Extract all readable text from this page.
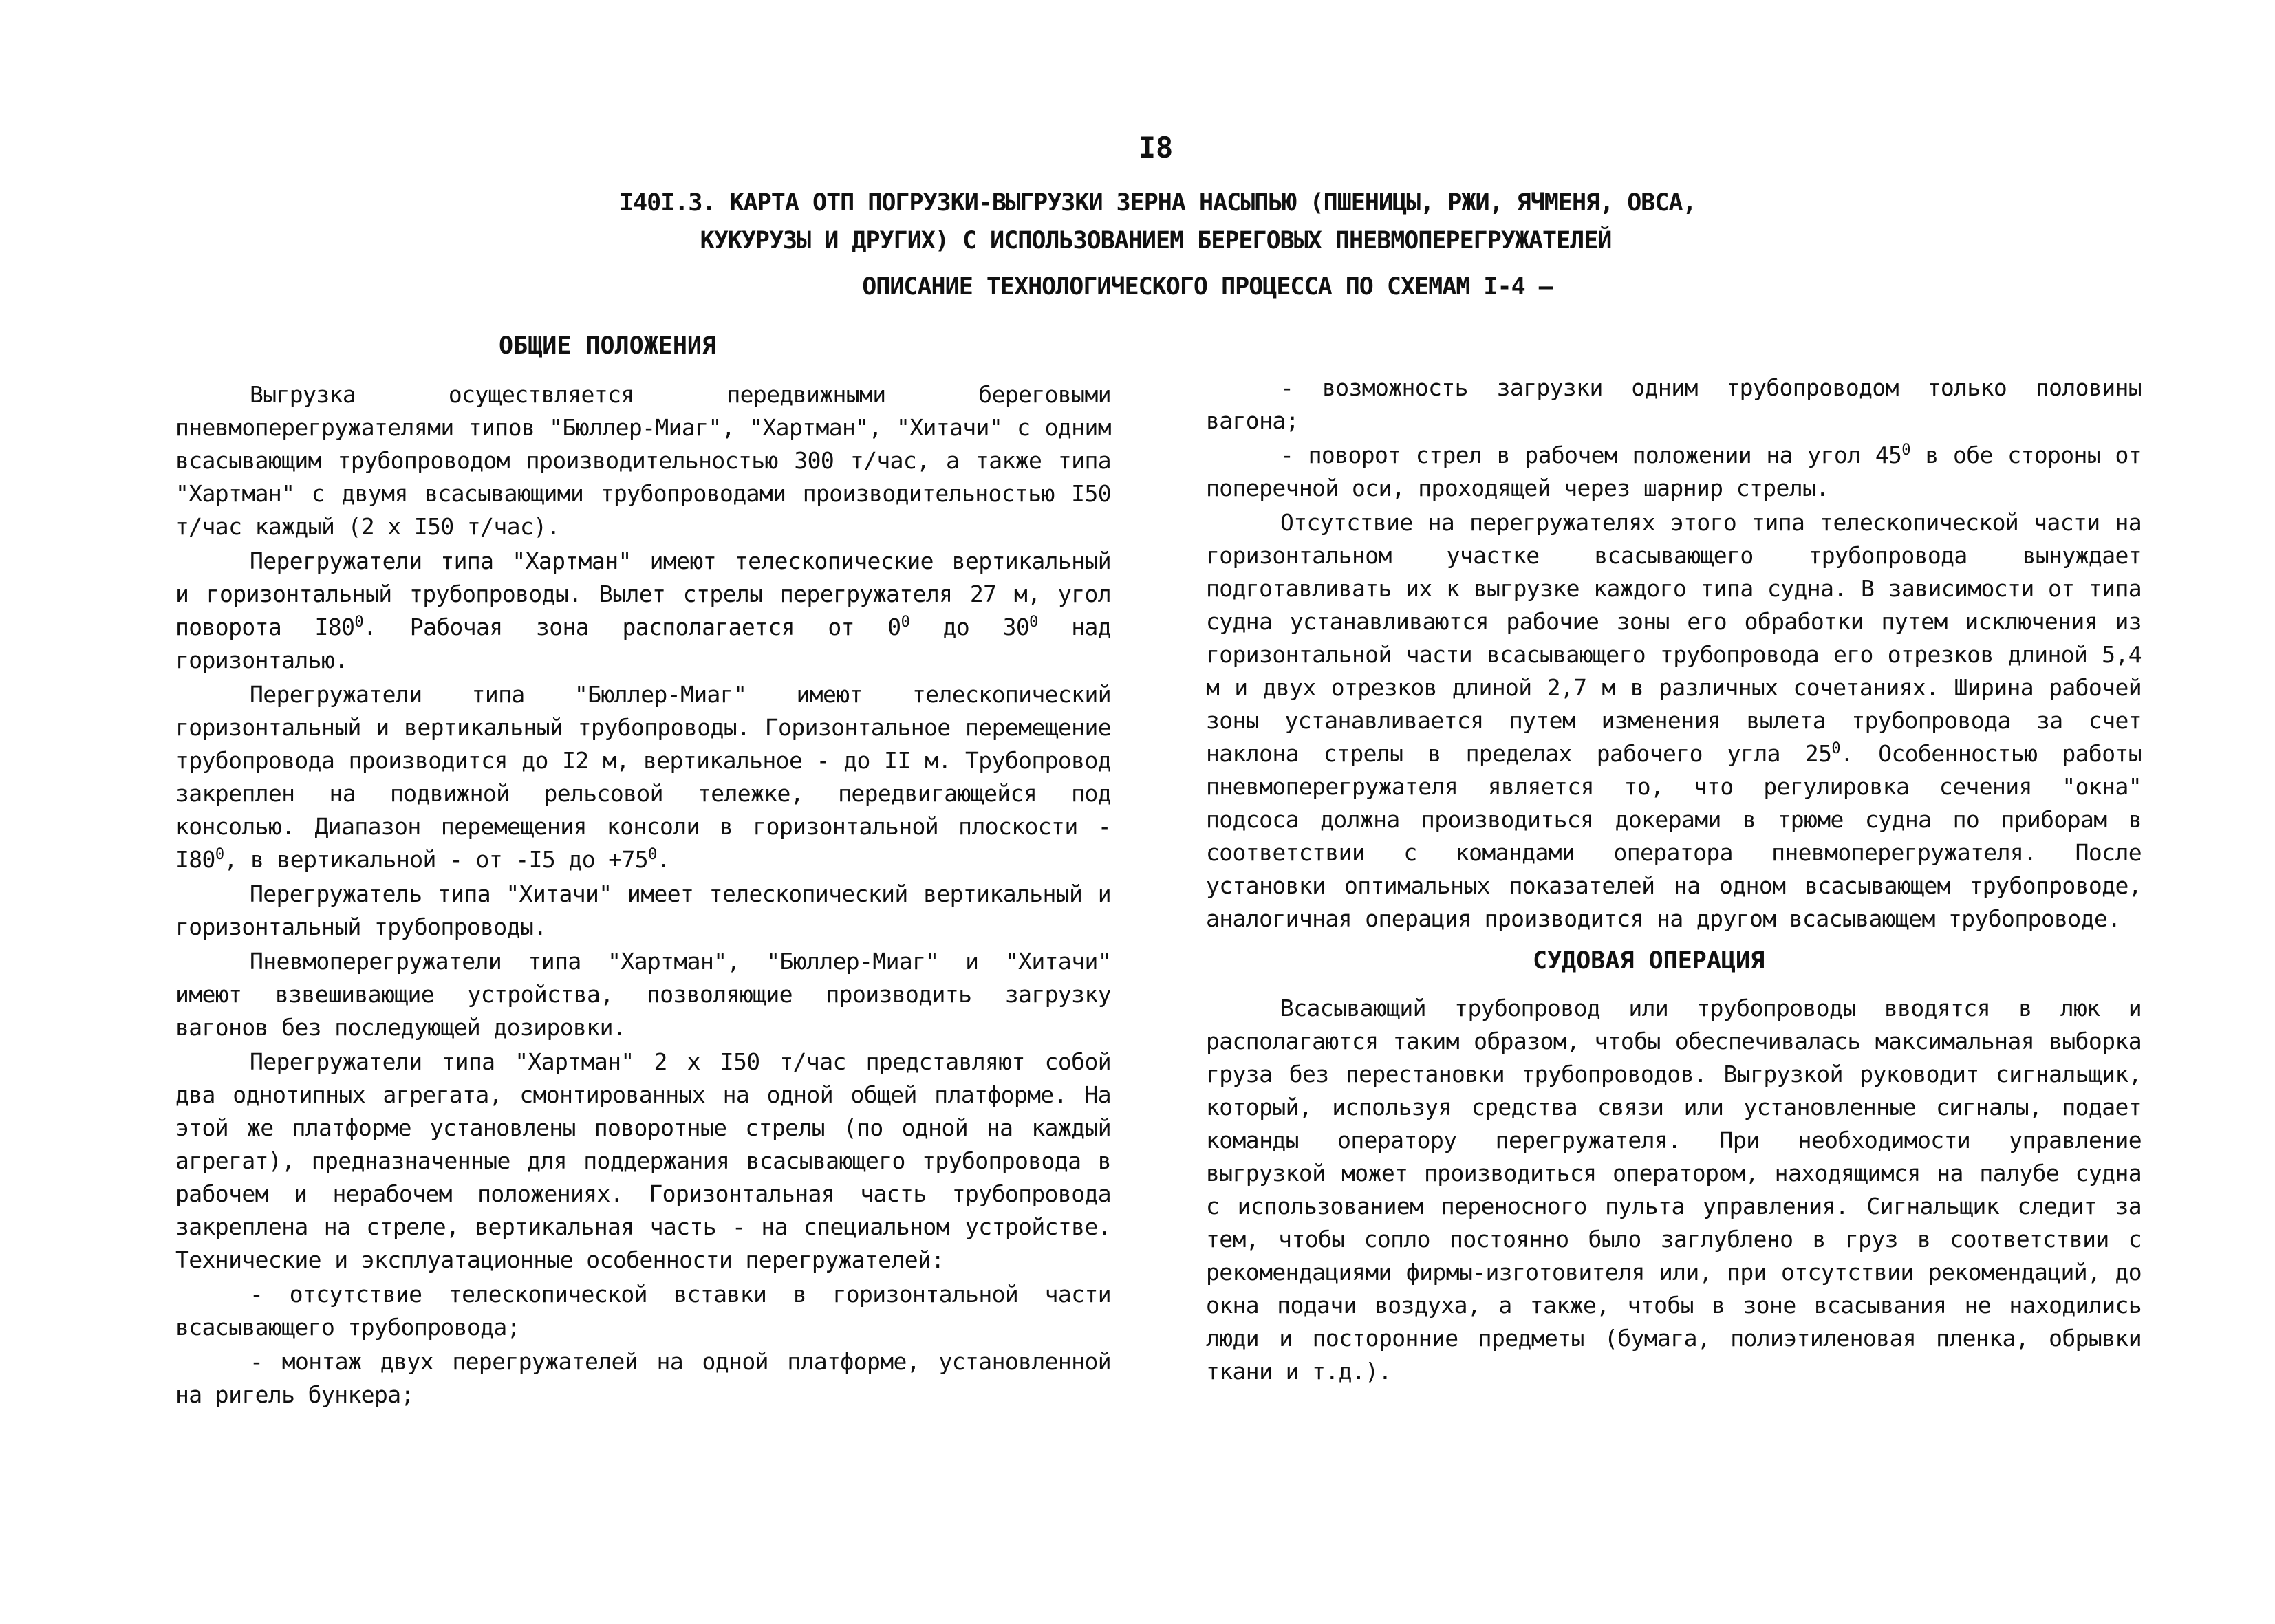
I8
I40I.3. КАРТА ОТП ПОГРУЗКИ-ВЫГРУЗКИ ЗЕРНА НАСЫПЬЮ (ПШЕНИЦЫ, РЖИ, ЯЧМЕНЯ, ОВСА,
КУКУРУЗЫ И ДРУГИХ) С ИСПОЛЬЗОВАНИЕМ БЕРЕГОВЫХ ПНЕВМОПЕРЕГРУЖАТЕЛЕЙ
ОПИСАНИЕ ТЕХНОЛОГИЧЕСКОГО ПРОЦЕССА ПО СХЕМАМ I-4 —
ОБЩИЕ ПОЛОЖЕНИЯ

Выгрузка осуществляется передвижными береговыми пневмоперегружателями типов "Бюллер-Миаг", "Хартман", "Хитачи" с одним всасывающим трубопроводом производительностью 300 т/час, а также типа "Хартман" с двумя всасывающими трубопроводами производительностью I50 т/час каждый (2 х I50 т/час).

Перегружатели типа "Хартман" имеют телескопические вертикальный и горизонтальный трубопроводы. Вылет стрелы перегружателя 27 м, угол поворота $I80^0$. Рабочая зона располагается от $0^0$ до $30^0$ над горизонталью.

Перегружатели типа "Бюллер-Миаг" имеют телескопический горизонтальный и вертикальный трубопроводы. Горизонтальное перемещение трубопровода производится до I2 м, вертикальное - до II м. Трубопровод закреплен на подвижной рельсовой тележке, передвигающейся под консолью. Диапазон перемещения консоли в горизонтальной плоскости - $I80^0$, в вертикальной - от -I5 до $+75^0$.

Перегружатель типа "Хитачи" имеет телескопический вертикальный и горизонтальный трубопроводы.

Пневмоперегружатели типа "Хартман", "Бюллер-Миаг" и "Хитачи" имеют взвешивающие устройства, позволяющие производить загрузку вагонов без последующей дозировки.

Перегружатели типа "Хартман" 2 х I50 т/час представляют собой два однотипных агрегата, смонтированных на одной общей платформе. На этой же платформе установлены поворотные стрелы (по одной на каждый агрегат), предназначенные для поддержания всасывающего трубопровода в рабочем и нерабочем положениях. Горизонтальная часть трубопровода закреплена на стреле, вертикальная часть - на специальном устройстве. Технические и эксплуатационные особенности перегружателей:

- отсутствие телескопической вставки в горизонтальной части всасывающего трубопровода;

- монтаж двух перегружателей на одной платформе, установленной на ригель бункера;

- возможность загрузки одним трубопроводом только половины вагона;

- поворот стрел в рабочем положении на угол $45^0$ в обе стороны от поперечной оси, проходящей через шарнир стрелы.

Отсутствие на перегружателях этого типа телескопической части на горизонтальном участке всасывающего трубопровода вынуждает подготавливать их к выгрузке каждого типа судна. В зависимости от типа судна устанавливаются рабочие зоны его обработки путем исключения из горизонтальной части всасывающего трубопровода его отрезков длиной 5,4 м и двух отрезков длиной 2,7 м в различных сочетаниях. Ширина рабочей зоны устанавливается путем изменения вылета трубопровода за счет наклона стрелы в пределах рабочего угла $25^0$. Особенностью работы пневмоперегружателя является то, что регулировка сечения "окна" подсоса должна производиться докерами в трюме судна по приборам в соответствии с командами оператора пневмоперегружателя. После установки оптимальных показателей на одном всасывающем трубопроводе, аналогичная операция производится на другом всасывающем трубопроводе.

СУДОВАЯ ОПЕРАЦИЯ

Всасывающий трубопровод или трубопроводы вводятся в люк и располагаются таким образом, чтобы обеспечивалась максимальная выборка груза без перестановки трубопроводов. Выгрузкой руководит сигнальщик, который, используя средства связи или установленные сигналы, подает команды оператору перегружателя. При необходимости управление выгрузкой может производиться оператором, находящимся на палубе судна с использованием переносного пульта управления. Сигнальщик следит за тем, чтобы сопло постоянно было заглублено в груз в соответствии с рекомендациями фирмы-изготовителя или, при отсутствии рекомендаций, до окна подачи воздуха, а также, чтобы в зоне всасывания не находились люди и посторонние предметы (бумага, полиэтиленовая пленка, обрывки ткани и т.д.).
